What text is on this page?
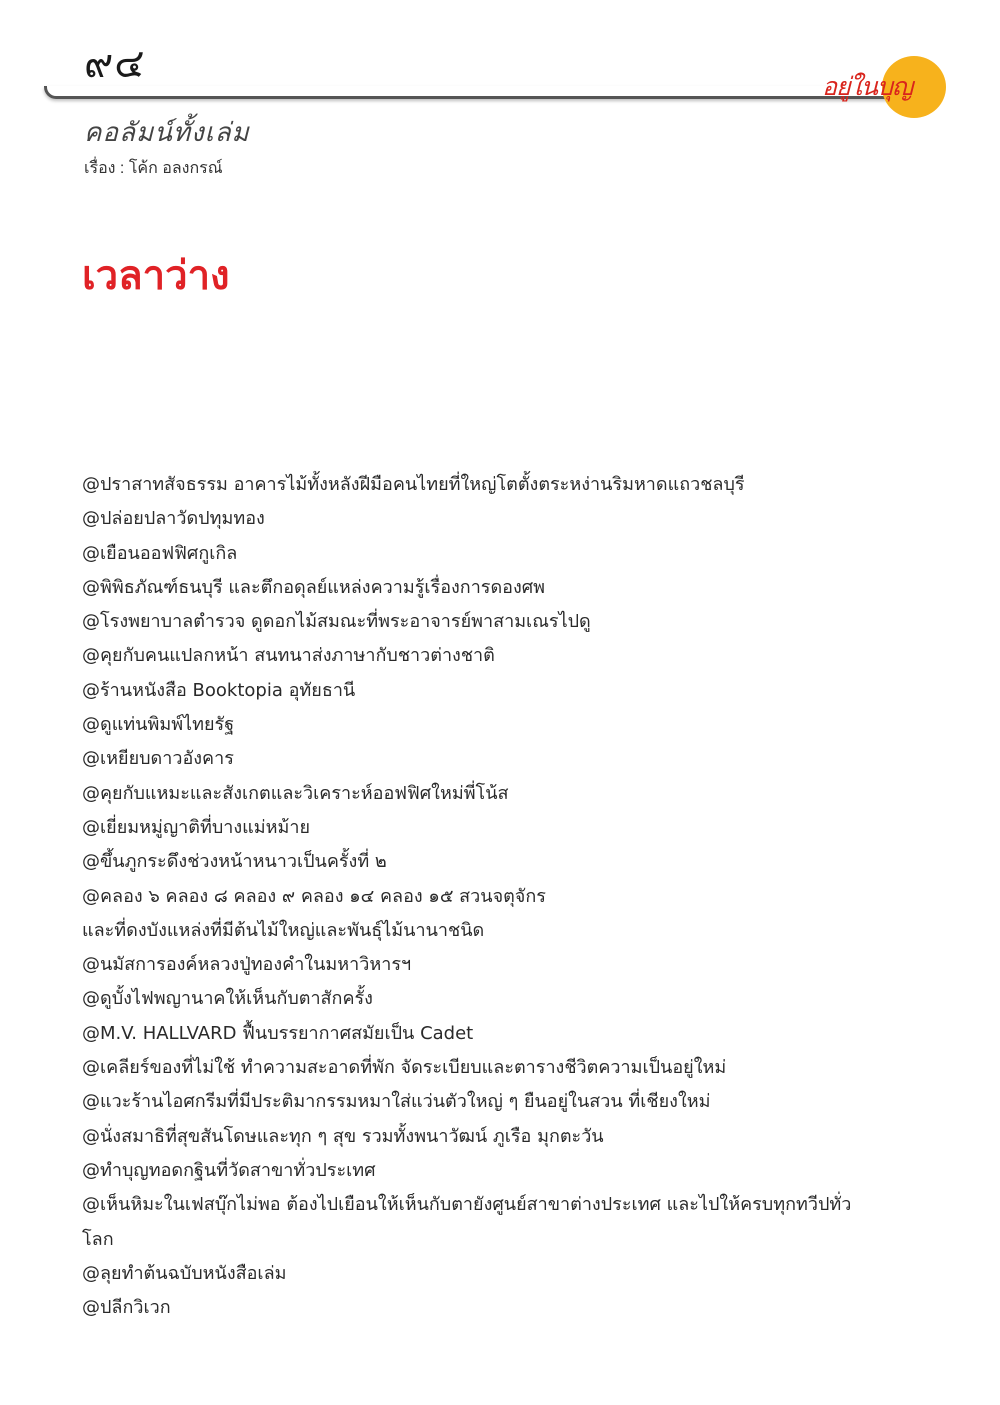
๙๔	อยู่ในบุญ
คอลัมน์ทั้งเล่ม
เรื่อง : โค้ก อลงกรณ์
เวลาว่าง
@ปราสาทสัจธรรม อาคารไม้ทั้งหลังฝีมือคนไทยที่ใหญ่โตตั้งตระหง่านริมหาดแถวชลบุรี
@ปล่อยปลาวัดปทุมทอง
@เยือนออฟฟิศกูเกิล
@พิพิธภัณฑ์ธนบุรี และตึกอดุลย์แหล่งความรู้เรื่องการดองศพ
@โรงพยาบาลตำรวจ ดูดอกไม้สมณะที่พระอาจารย์พาสามเณรไปดู
@คุยกับคนแปลกหน้า สนทนาส่งภาษากับชาวต่างชาติ
@ร้านหนังสือ Booktopia อุทัยธานี
@ดูแท่นพิมพ์ไทยรัฐ
@เหยียบดาวอังคาร
@คุยกับแหมะและสังเกตและวิเคราะห์ออฟฟิศใหม่พี่โน้ส
@เยี่ยมหมู่ญาติที่บางแม่หม้าย
@ขึ้นภูกระดึงช่วงหน้าหนาวเป็นครั้งที่ ๒
@คลอง ๖ คลอง ๘ คลอง ๙ คลอง ๑๔ คลอง ๑๕ สวนจตุจักร
และที่ดงบังแหล่งที่มีต้นไม้ใหญ่และพันธุ์ไม้นานาชนิด
@นมัสการองค์หลวงปู่ทองคำในมหาวิหารฯ
@ดูบั้งไฟพญานาคให้เห็นกับตาสักครั้ง
@M.V. HALLVARD ฟื้นบรรยากาศสมัยเป็น Cadet
@เคลียร์ของที่ไม่ใช้ ทำความสะอาดที่พัก จัดระเบียบและตารางชีวิตความเป็นอยู่ใหม่
@แวะร้านไอศกรีมที่มีประติมากรรมหมาใส่แว่นตัวใหญ่ ๆ ยืนอยู่ในสวน ที่เชียงใหม่
@นั่งสมาธิที่สุขสันโดษและทุก ๆ สุข รวมทั้งพนาวัฒน์ ภูเรือ มุกตะวัน
@ทำบุญทอดกฐินที่วัดสาขาทั่วประเทศ
@เห็นหิมะในเฟสบุ๊กไม่พอ ต้องไปเยือนให้เห็นกับตายังศูนย์สาขาต่างประเทศ และไปให้ครบทุกทวีปทั่วโลก
@ลุยทำต้นฉบับหนังสือเล่ม
@ปลีกวิเวก
